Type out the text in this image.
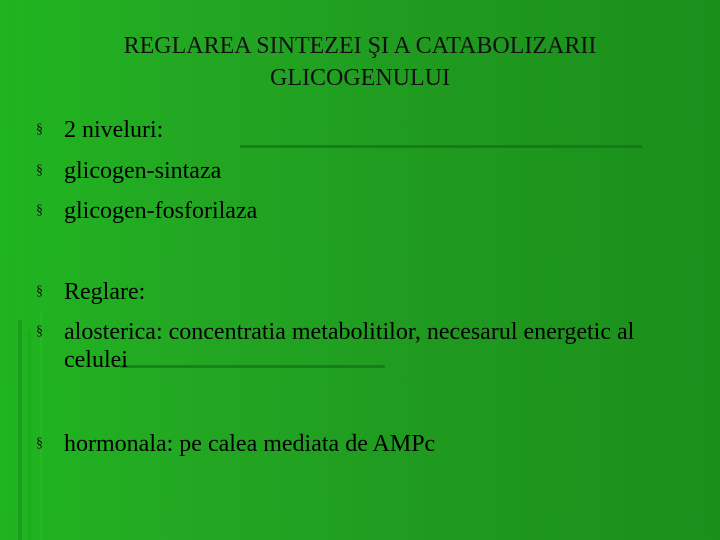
REGLAREA SINTEZEI ŞI A CATABOLIZARII GLICOGENULUI
§ 2 niveluri:
§ glicogen-sintaza
§ glicogen-fosforilaza
§ Reglare:
§ alosterica: concentratia metabolitilor, necesarul energetic al celulei
§ hormonala: pe calea mediata de AMPc
